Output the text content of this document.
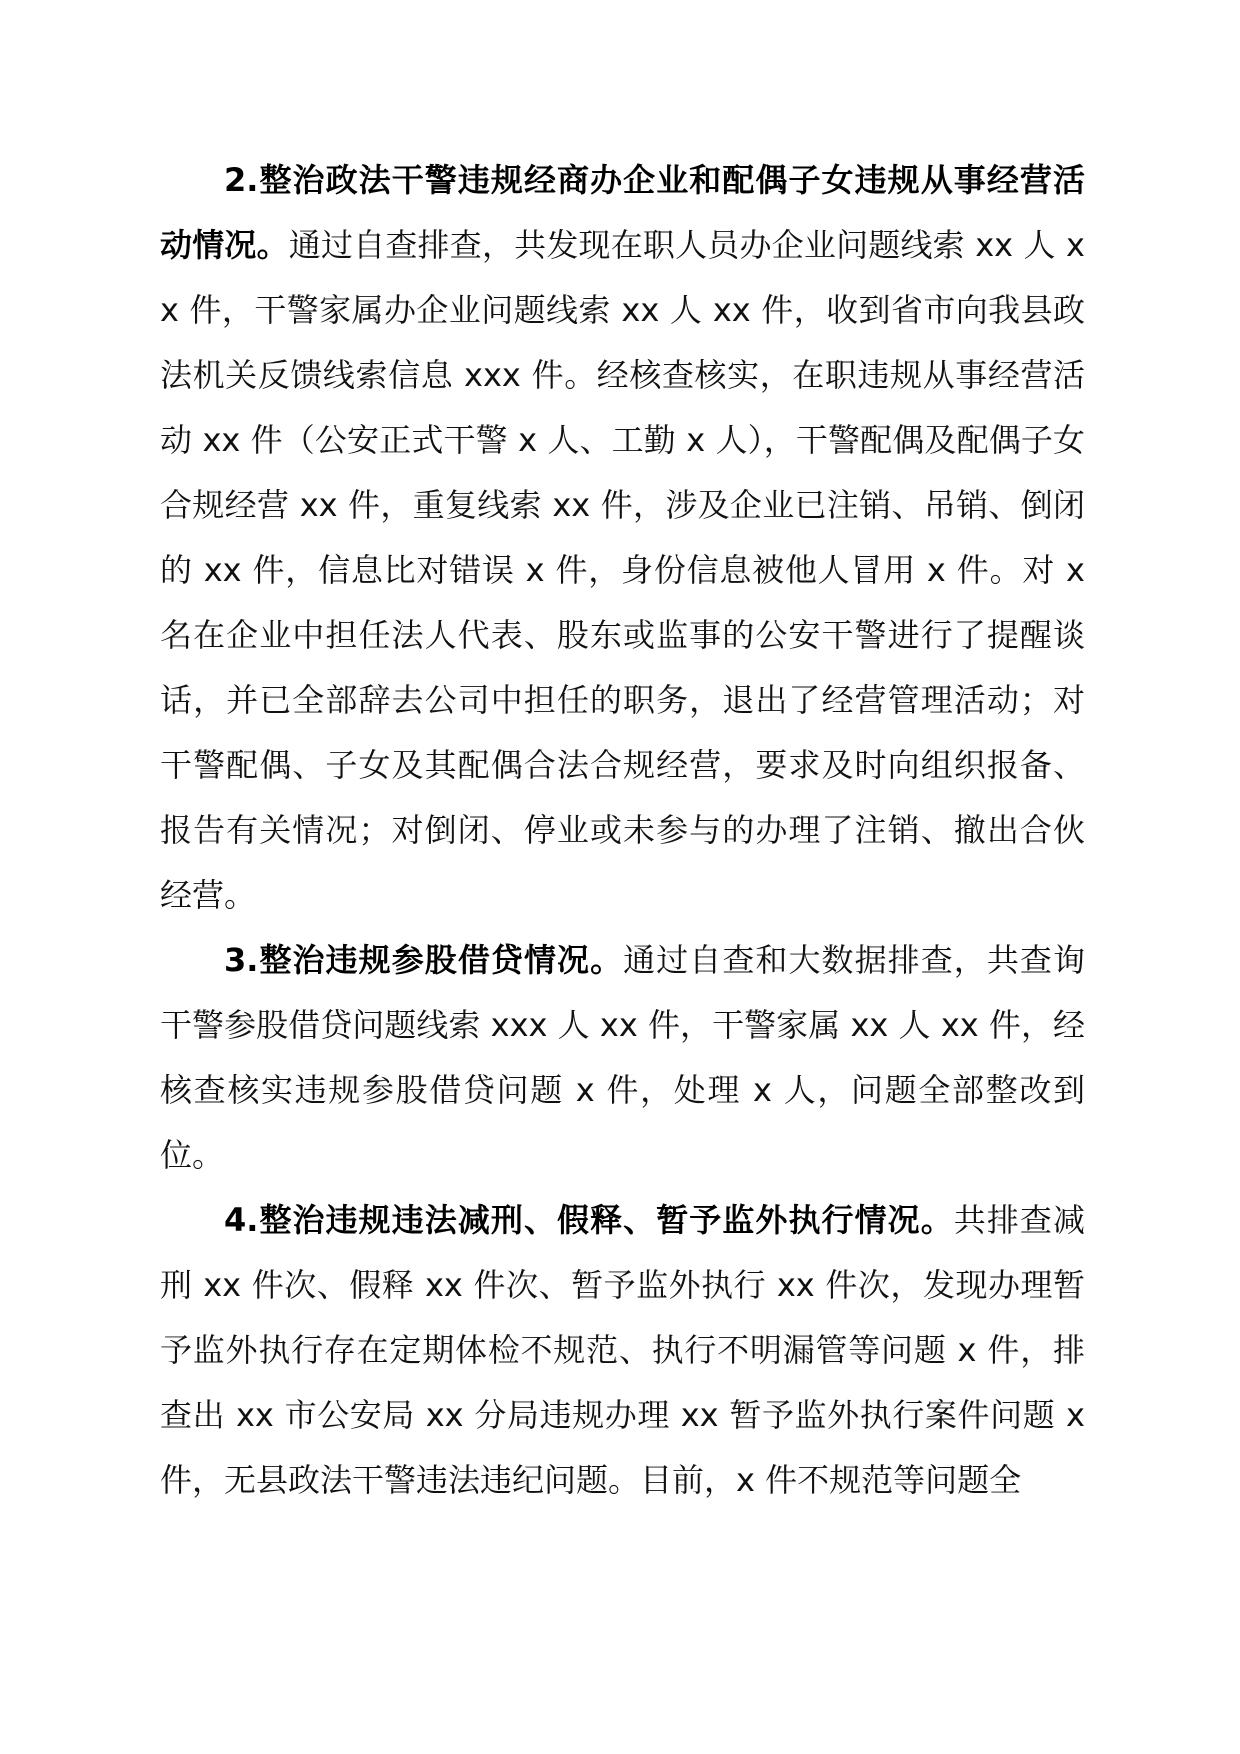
2.整治政法干警违规经商办企业和配偶子女违规从事经营活动情况。通过自查排查，共发现在职人员办企业问题线索 xx 人 xx 件，干警家属办企业问题线索 xx 人 xx 件，收到省市向我县政法机关反馈线索信息 xxx 件。经核查核实，在职违规从事经营活动 xx 件（公安正式干警 x 人、工勤 x 人），干警配偶及配偶子女合规经营 xx 件，重复线索 xx 件，涉及企业已注销、吊销、倒闭的 xx 件，信息比对错误 x 件，身份信息被他人冒用 x 件。对 x 名在企业中担任法人代表、股东或监事的公安干警进行了提醒谈话，并已全部辞去公司中担任的职务，退出了经营管理活动；对干警配偶、子女及其配偶合法合规经营，要求及时向组织报备、报告有关情况；对倒闭、停业或未参与的办理了注销、撤出合伙经营。

3.整治违规参股借贷情况。通过自查和大数据排查，共查询干警参股借贷问题线索 xxx 人 xx 件，干警家属 xx 人 xx 件，经核查核实违规参股借贷问题 x 件，处理 x 人，问题全部整改到位。

4.整治违规违法减刑、假释、暂予监外执行情况。共排查减刑 xx 件次、假释 xx 件次、暂予监外执行 xx 件次，发现办理暂予监外执行存在定期体检不规范、执行不明漏管等问题 x 件，排查出 xx 市公安局 xx 分局违规办理 xx 暂予监外执行案件问题 x 件，无县政法干警违法违纪问题。目前，x 件不规范等问题全
